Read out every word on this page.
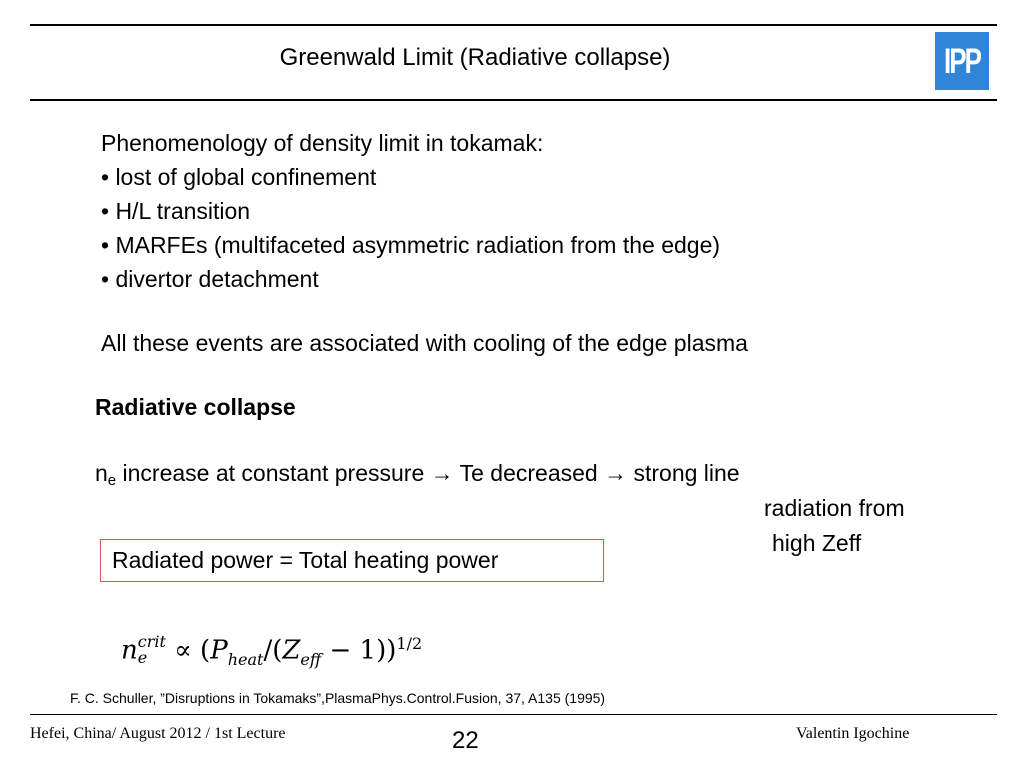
Greenwald Limit (Radiative collapse)	IPP
Phenomenology of density limit in tokamak:
• lost of global confinement
• H/L transition
• MARFEs (multifaceted asymmetric radiation from the edge)
• divertor detachment
All these events are associated with cooling of the edge plasma
Radiative collapse
$n_e$ increase at constant pressure → Te decreased → strong line
radiation from
high Zeff
Radiated power = Total heating power
n crit
$e \propto (P_{heat}/(Z_{eff} - 1))^{1/2}$
F. C. Schuller, ”Disruptions in Tokamaks”,PlasmaPhys.Control.Fusion, 37, A135 (1995)
Hefei, China/ August 2012 / 1st Lecture	22	Valentin Igochine
